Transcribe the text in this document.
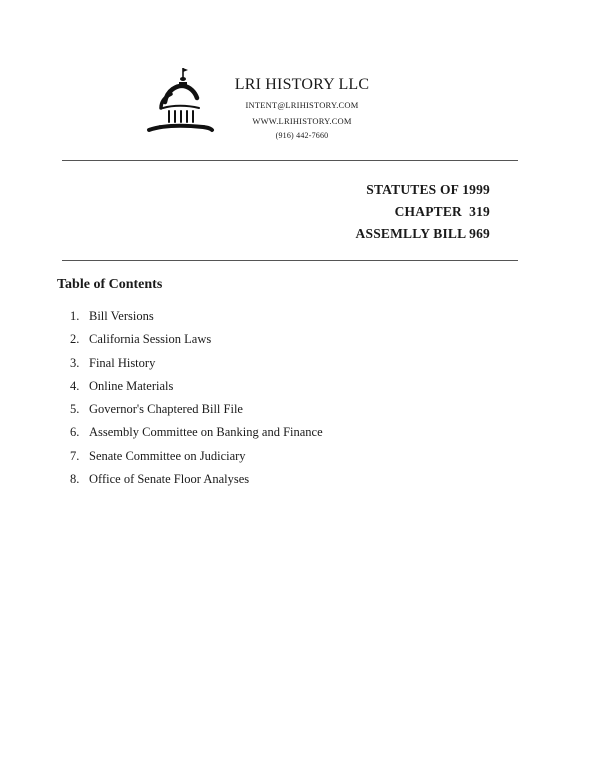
LRI HISTORY LLC
INTENT@LRIHISTORY.COM
WWW.LRIHISTORY.COM
(916) 442-7660
STATUTES OF 1999
CHAPTER  319
ASSEMLLY BILL 969
Table of Contents
1. Bill Versions
2. California Session Laws
3. Final History
4. Online Materials
5. Governor's Chaptered Bill File
6. Assembly Committee on Banking and Finance
7. Senate Committee on Judiciary
8. Office of Senate Floor Analyses
